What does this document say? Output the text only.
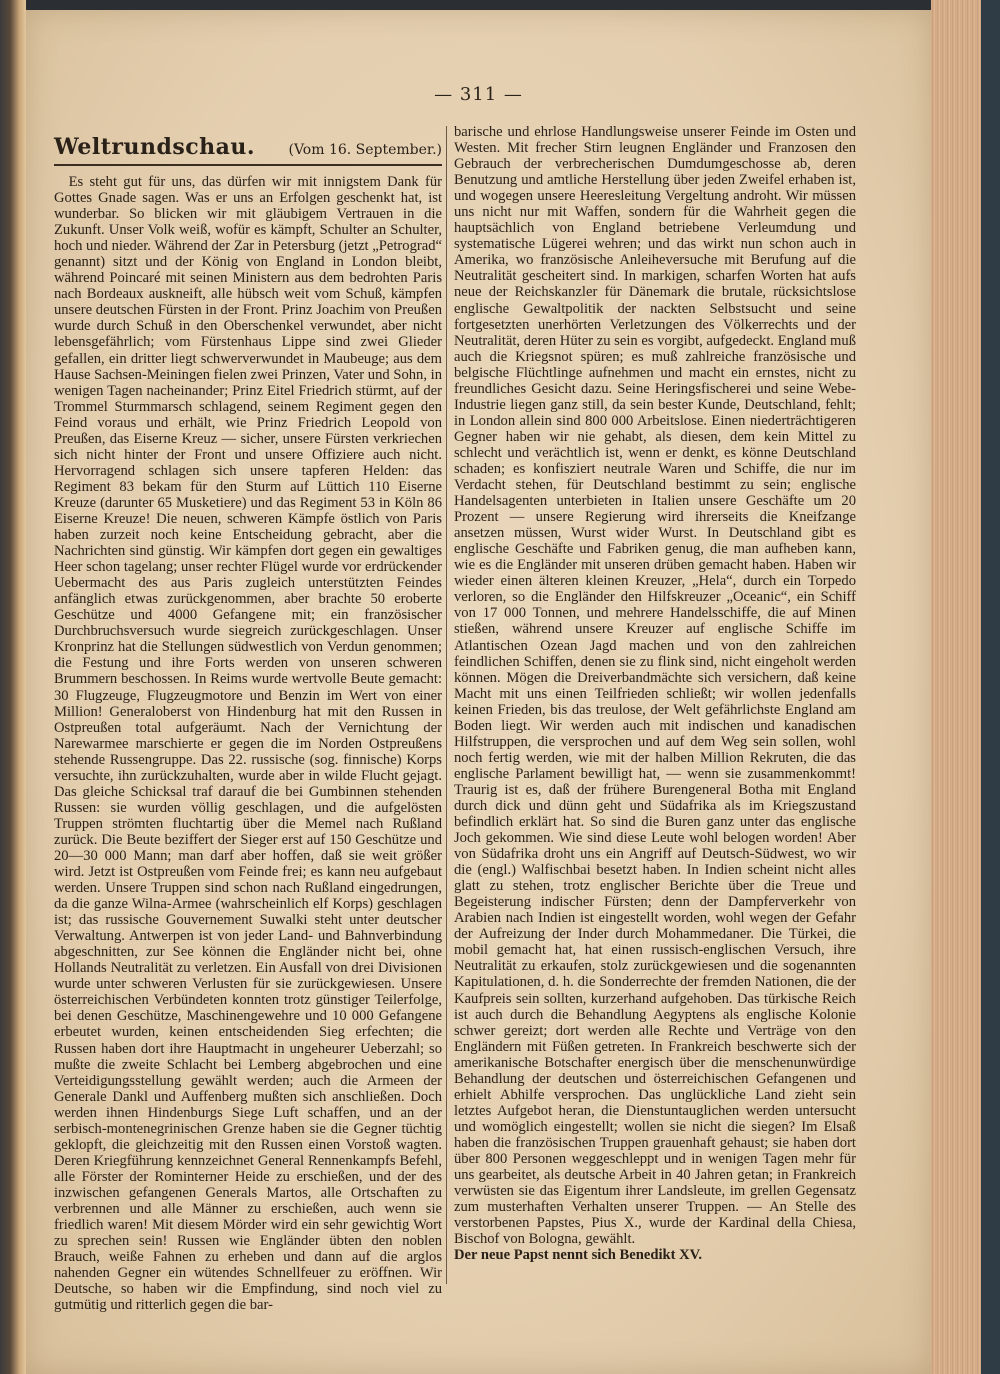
— 311 —
Weltrundschau. (Vom 16. September.)

Es steht gut für uns, das dürfen wir mit innigstem Dank für Gottes Gnade sagen. Was er uns an Erfolgen geschenkt hat, ist wunderbar. So blicken wir mit gläubigem Vertrauen in die Zukunft. Unser Volk weiß, wofür es kämpft, Schulter an Schulter, hoch und nieder. Während der Zar in Petersburg (jetzt „Petrograd“ genannt) sitzt und der König von England in London bleibt, während Poincaré mit seinen Ministern aus dem bedrohten Paris nach Bordeaux auskneift, alle hübsch weit vom Schuß, kämpfen unsere deutschen Fürsten in der Front. Prinz Joachim von Preußen wurde durch Schuß in den Oberschenkel verwundet, aber nicht lebensgefährlich; vom Fürstenhaus Lippe sind zwei Glieder gefallen, ein dritter liegt schwerverwundet in Maubeuge; aus dem Hause Sachsen-Meiningen fielen zwei Prinzen, Vater und Sohn, in wenigen Tagen nacheinander; Prinz Eitel Friedrich stürmt, auf der Trommel Sturmmarsch schlagend, seinem Regiment gegen den Feind voraus und erhält, wie Prinz Friedrich Leopold von Preußen, das Eiserne Kreuz — sicher, unsere Fürsten verkriechen sich nicht hinter der Front und unsere Offiziere auch nicht. Hervorragend schlagen sich unsere tapferen Helden: das Regiment 83 bekam für den Sturm auf Lüttich 110 Eiserne Kreuze (darunter 65 Musketiere) und das Regiment 53 in Köln 86 Eiserne Kreuze! Die neuen, schweren Kämpfe östlich von Paris haben zurzeit noch keine Entscheidung gebracht, aber die Nachrichten sind günstig. Wir kämpfen dort gegen ein gewaltiges Heer schon tagelang; unser rechter Flügel wurde vor erdrückender Uebermacht des aus Paris zugleich unterstützten Feindes anfänglich etwas zurückgenommen, aber brachte 50 eroberte Geschütze und 4000 Gefangene mit; ein französischer Durchbruchsversuch wurde siegreich zurückgeschlagen. Unser Kronprinz hat die Stellungen südwestlich von Verdun genommen; die Festung und ihre Forts werden von unseren schweren Brummern beschossen. In Reims wurde wertvolle Beute gemacht: 30 Flugzeuge, Flugzeugmotore und Benzin im Wert von einer Million! Generaloberst von Hindenburg hat mit den Russen in Ostpreußen total aufgeräumt. Nach der Vernichtung der Narewarmee marschierte er gegen die im Norden Ostpreußens stehende Russengruppe. Das 22. russische (sog. finnische) Korps versuchte, ihn zurückzuhalten, wurde aber in wilde Flucht gejagt. Das gleiche Schicksal traf darauf die bei Gumbinnen stehenden Russen: sie wurden völlig geschlagen, und die aufgelösten Truppen strömten fluchtartig über die Memel nach Rußland zurück. Die Beute beziffert der Sieger erst auf 150 Geschütze und 20—30 000 Mann; man darf aber hoffen, daß sie weit größer wird. Jetzt ist Ostpreußen vom Feinde frei; es kann neu aufgebaut werden. Unsere Truppen sind schon nach Rußland eingedrungen, da die ganze Wilna-Armee (wahrscheinlich elf Korps) geschlagen ist; das russische Gouvernement Suwalki steht unter deutscher Verwaltung. Antwerpen ist von jeder Land- und Bahnverbindung abgeschnitten, zur See können die Engländer nicht bei, ohne Hollands Neutralität zu verletzen. Ein Ausfall von drei Divisionen wurde unter schweren Verlusten für sie zurückgewiesen. Unsere österreichischen Verbündeten konnten trotz günstiger Teilerfolge, bei denen Geschütze, Maschinengewehre und 10 000 Gefangene erbeutet wurden, keinen entscheidenden Sieg erfechten; die Russen haben dort ihre Hauptmacht in ungeheurer Ueberzahl; so mußte die zweite Schlacht bei Lemberg abgebrochen und eine Verteidigungsstellung gewählt werden; auch die Armeen der Generale Dankl und Auffenberg mußten sich anschließen. Doch werden ihnen Hindenburgs Siege Luft schaffen, und an der serbisch-montenegrinischen Grenze haben sie die Gegner tüchtig geklopft, die gleichzeitig mit den Russen einen Vorstoß wagten. Deren Kriegführung kennzeichnet General Rennenkampfs Befehl, alle Förster der Rominterner Heide zu erschießen, und der des inzwischen gefangenen Generals Martos, alle Ortschaften zu verbrennen und alle Männer zu erschießen, auch wenn sie friedlich waren! Mit diesem Mörder wird ein sehr gewichtig Wort zu sprechen sein! Russen wie Engländer übten den noblen Brauch, weiße Fahnen zu erheben und dann auf die arglos nahenden Gegner ein wütendes Schnellfeuer zu eröffnen. Wir Deutsche, so haben wir die Empfindung, sind noch viel zu gutmütig und ritterlich gegen die bar-

barische und ehrlose Handlungsweise unserer Feinde im Osten und Westen. Mit frecher Stirn leugnen Engländer und Franzosen den Gebrauch der verbrecherischen Dumdumgeschosse ab, deren Benutzung und amtliche Herstellung über jeden Zweifel erhaben ist, und wogegen unsere Heeresleitung Vergeltung androht. Wir müssen uns nicht nur mit Waffen, sondern für die Wahrheit gegen die hauptsächlich von England betriebene Verleumdung und systematische Lügerei wehren; und das wirkt nun schon auch in Amerika, wo französische Anleiheversuche mit Berufung auf die Neutralität gescheitert sind. In markigen, scharfen Worten hat aufs neue der Reichskanzler für Dänemark die brutale, rücksichtslose englische Gewaltpolitik der nackten Selbstsucht und seine fortgesetzten unerhörten Verletzungen des Völkerrechts und der Neutralität, deren Hüter zu sein es vorgibt, aufgedeckt. England muß auch die Kriegsnot spüren; es muß zahlreiche französische und belgische Flüchtlinge aufnehmen und macht ein ernstes, nicht zu freundliches Gesicht dazu. Seine Heringsfischerei und seine Webe-Industrie liegen ganz still, da sein bester Kunde, Deutschland, fehlt; in London allein sind 800 000 Arbeitslose. Einen niederträchtigeren Gegner haben wir nie gehabt, als diesen, dem kein Mittel zu schlecht und verächtlich ist, wenn er denkt, es könne Deutschland schaden; es konfisziert neutrale Waren und Schiffe, die nur im Verdacht stehen, für Deutschland bestimmt zu sein; englische Handelsagenten unterbieten in Italien unsere Geschäfte um 20 Prozent — unsere Regierung wird ihrerseits die Kneifzange ansetzen müssen, Wurst wider Wurst. In Deutschland gibt es englische Geschäfte und Fabriken genug, die man aufheben kann, wie es die Engländer mit unseren drüben gemacht haben. Haben wir wieder einen älteren kleinen Kreuzer, „Hela“, durch ein Torpedo verloren, so die Engländer den Hilfskreuzer „Oceanic“, ein Schiff von 17 000 Tonnen, und mehrere Handelsschiffe, die auf Minen stießen, während unsere Kreuzer auf englische Schiffe im Atlantischen Ozean Jagd machen und von den zahlreichen feindlichen Schiffen, denen sie zu flink sind, nicht eingeholt werden können. Mögen die Dreiverbandmächte sich versichern, daß keine Macht mit uns einen Teilfrieden schließt; wir wollen jedenfalls keinen Frieden, bis das treulose, der Welt gefährlichste England am Boden liegt. Wir werden auch mit indischen und kanadischen Hilfstruppen, die versprochen und auf dem Weg sein sollen, wohl noch fertig werden, wie mit der halben Million Rekruten, die das englische Parlament bewilligt hat, — wenn sie zusammenkommt! Traurig ist es, daß der frühere Burengeneral Botha mit England durch dick und dünn geht und Südafrika als im Kriegszustand befindlich erklärt hat. So sind die Buren ganz unter das englische Joch gekommen. Wie sind diese Leute wohl belogen worden! Aber von Südafrika droht uns ein Angriff auf Deutsch-Südwest, wo wir die (engl.) Walfischbai besetzt haben. In Indien scheint nicht alles glatt zu stehen, trotz englischer Berichte über die Treue und Begeisterung indischer Fürsten; denn der Dampferverkehr von Arabien nach Indien ist eingestellt worden, wohl wegen der Gefahr der Aufreizung der Inder durch Mohammedaner. Die Türkei, die mobil gemacht hat, hat einen russisch-englischen Versuch, ihre Neutralität zu erkaufen, stolz zurückgewiesen und die sogenannten Kapitulationen, d. h. die Sonderrechte der fremden Nationen, die der Kaufpreis sein sollten, kurzerhand aufgehoben. Das türkische Reich ist auch durch die Behandlung Aegyptens als englische Kolonie schwer gereizt; dort werden alle Rechte und Verträge von den Engländern mit Füßen getreten. In Frankreich beschwerte sich der amerikanische Botschafter energisch über die menschenunwürdige Behandlung der deutschen und österreichischen Gefangenen und erhielt Abhilfe versprochen. Das unglückliche Land zieht sein letztes Aufgebot heran, die Dienstuntauglichen werden untersucht und womöglich eingestellt; wollen sie nicht die siegen? Im Elsaß haben die französischen Truppen grauenhaft gehaust; sie haben dort über 800 Personen weggeschleppt und in wenigen Tagen mehr für uns gearbeitet, als deutsche Arbeit in 40 Jahren getan; in Frankreich verwüsten sie das Eigentum ihrer Landsleute, im grellen Gegensatz zum musterhaften Verhalten unserer Truppen. — An Stelle des verstorbenen Papstes, Pius X., wurde der Kardinal della Chiesa, Bischof von Bologna, gewählt.

Der neue Papst nennt sich Benedikt XV.
